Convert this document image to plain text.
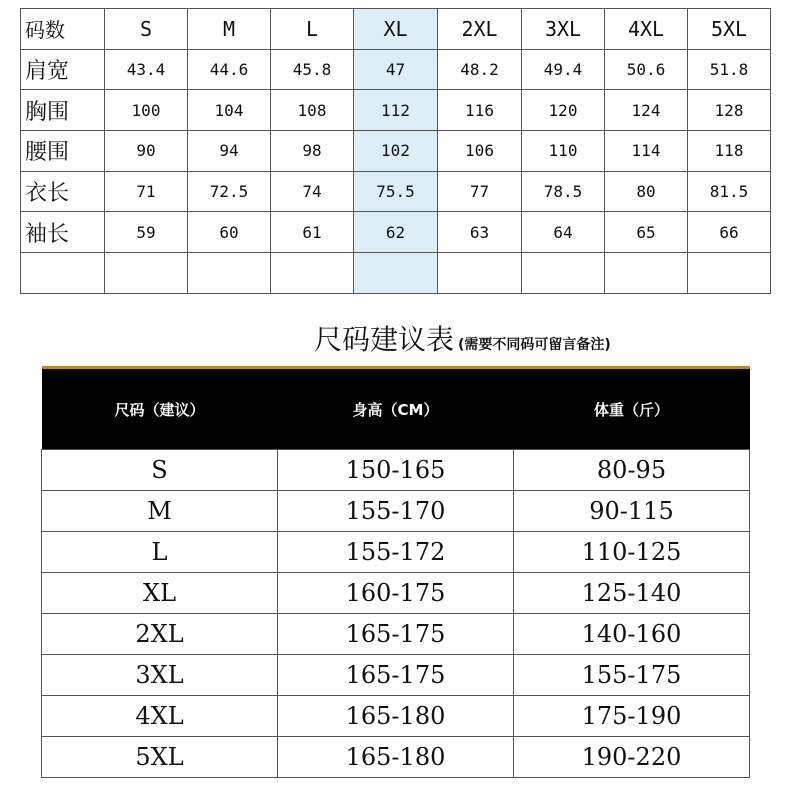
码数	S	M	L	XL	2XL	3XL	4XL	5XL
肩宽	43.4	44.6	45.8	47	48.2	49.4	50.6	51.8
胸围	100	104	108	112	116	120	124	128
腰围	90	94	98	102	106	110	114	118
衣长	71	72.5	74	75.5	77	78.5	80	81.5
袖长	59	60	61	62	63	64	65	66

尺码建议表 (需要不同码可留言备注)
尺码（建议）	身高（CM）	体重（斤）
S	150-165	80-95
M	155-170	90-115
L	155-172	110-125
XL	160-175	125-140
2XL	165-175	140-160
3XL	165-175	155-175
4XL	165-180	175-190
5XL	165-180	190-220
